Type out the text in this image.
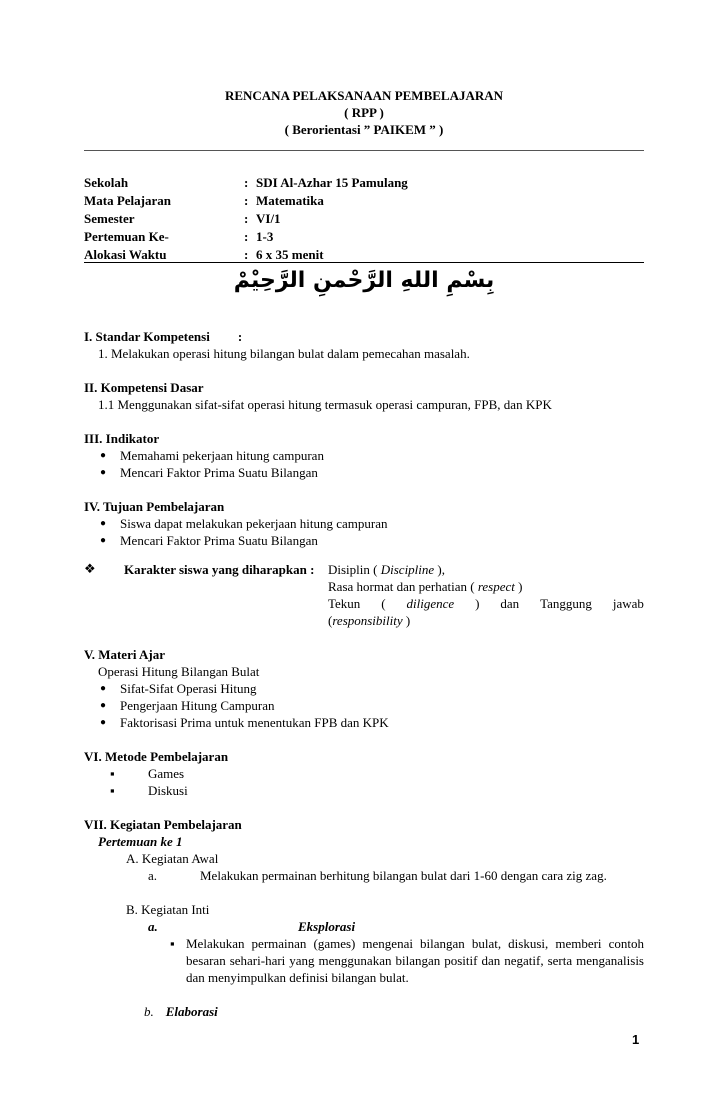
RENCANA PELAKSANAAN PEMBELAJARAN
( RPP )
( Berorientasi ” PAIKEM ” )
Sekolah	: SDI Al-Azhar 15 Pamulang
Mata Pelajaran	: Matematika
Semester	: VI/1
Pertemuan Ke-	: 1-3
Alokasi Waktu	: 6 x 35 menit
بِسْمِ اللهِ الرَّحْمنِ الرَّحِيْمْ
I. Standar Kompetensi :
1. Melakukan operasi hitung bilangan bulat dalam pemecahan masalah.
II. Kompetensi Dasar
1.1 Menggunakan sifat-sifat operasi hitung termasuk operasi campuran, FPB, dan KPK
III. Indikator
● Memahami pekerjaan hitung campuran
● Mencari Faktor Prima Suatu Bilangan
IV. Tujuan Pembelajaran
● Siswa dapat melakukan pekerjaan hitung campuran
● Mencari Faktor Prima Suatu Bilangan
❖ Karakter siswa yang diharapkan : Disiplin ( Discipline ),
Rasa hormat dan perhatian ( respect )
Tekun ( diligence ) dan Tanggung jawab
(responsibility )
V. Materi Ajar
Operasi Hitung Bilangan Bulat
● Sifat-Sifat Operasi Hitung
● Pengerjaan Hitung Campuran
● Faktorisasi Prima untuk menentukan FPB dan KPK
VI. Metode Pembelajaran
▪ Games
▪ Diskusi
VII. Kegiatan Pembelajaran
Pertemuan ke 1
A. Kegiatan Awal
a.	Melakukan permainan berhitung bilangan bulat dari 1-60 dengan cara zig zag.
B. Kegiatan Inti
a.	Eksplorasi
▪ Melakukan permainan (games) mengenai bilangan bulat, diskusi, memberi contoh besaran sehari-hari yang menggunakan bilangan positif dan negatif, serta menganalisis dan menyimpulkan definisi bilangan bulat.
b. Elaborasi
1
